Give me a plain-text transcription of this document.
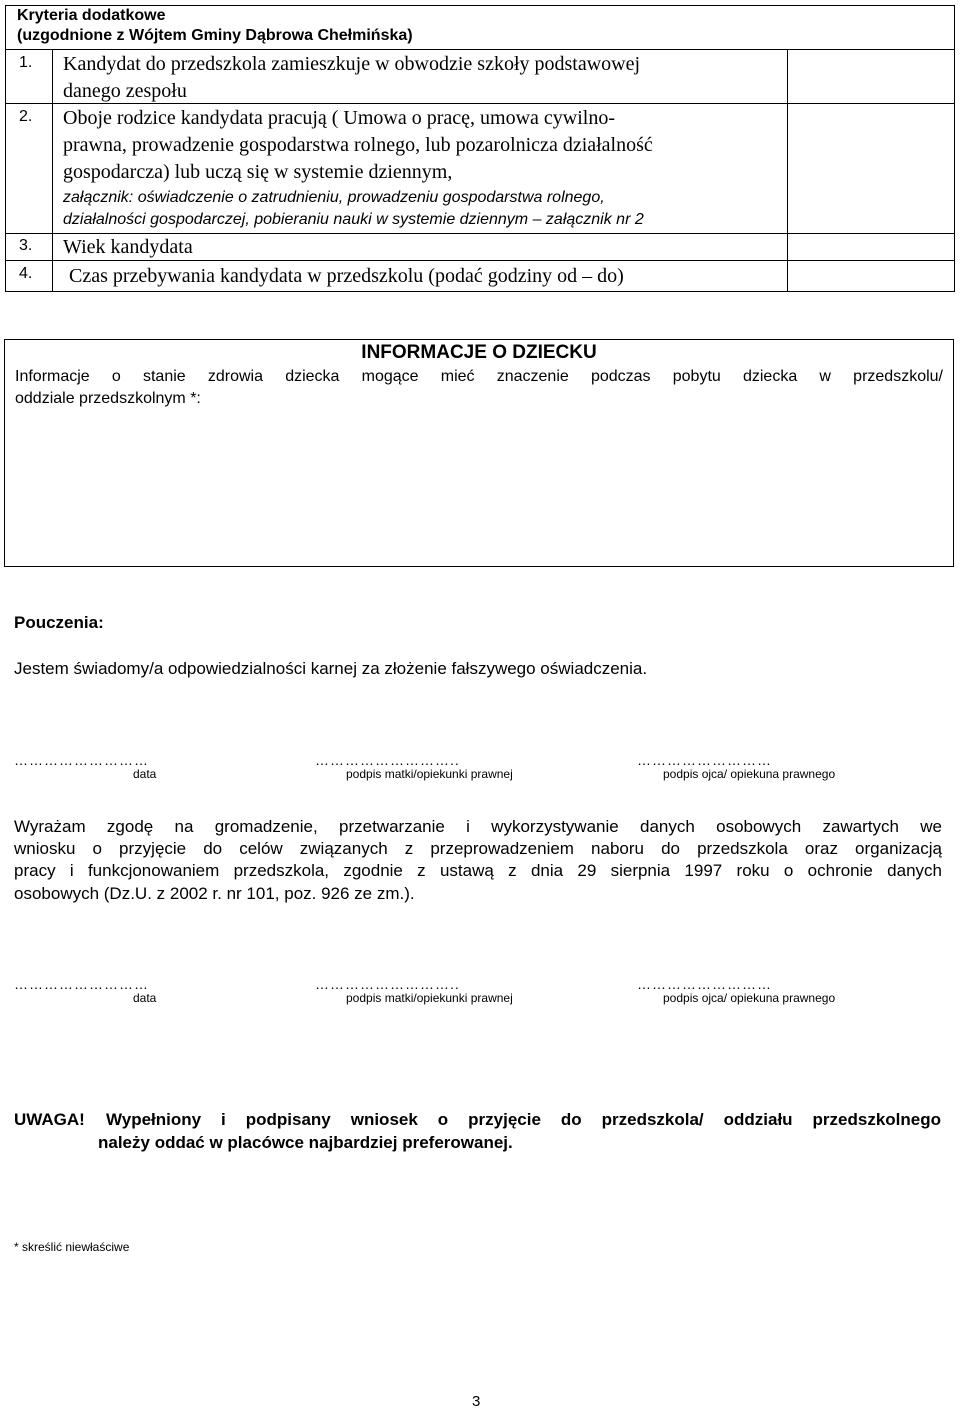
Kryteria dodatkowe
(uzgodnione z Wójtem Gminy Dąbrowa Chełmińska)
1. Kandydat do przedszkola zamieszkuje w obwodzie szkoły podstawowej
danego zespołu
2. Oboje rodzice kandydata pracują ( Umowa o pracę, umowa cywilno-
prawna, prowadzenie gospodarstwa rolnego, lub pozarolnicza działalność
gospodarcza) lub uczą się w systemie dziennym,
załącznik: oświadczenie o zatrudnieniu, prowadzeniu gospodarstwa rolnego,
działalności gospodarczej, pobieraniu nauki w systemie dziennym – załącznik nr 2
3. Wiek kandydata
4. Czas przebywania kandydata w przedszkolu (podać godziny od – do)
INFORMACJE O DZIECKU
Informacje o stanie zdrowia dziecka mogące mieć znaczenie podczas pobytu dziecka w przedszkolu/
oddziale przedszkolnym *:
Pouczenia:
Jestem świadomy/a odpowiedzialności karnej za złożenie fałszywego oświadczenia.
………………………	………………………..	………………………
data	podpis matki/opiekunki prawnej	podpis ojca/ opiekuna prawnego
Wyrażam zgodę na gromadzenie, przetwarzanie i wykorzystywanie danych osobowych zawartych we
wniosku o przyjęcie do celów związanych z przeprowadzeniem naboru do przedszkola oraz organizacją
pracy i funkcjonowaniem przedszkola, zgodnie z ustawą z dnia 29 sierpnia 1997 roku o ochronie danych
osobowych (Dz.U. z 2002 r. nr 101, poz. 926 ze zm.).
………………………	………………………..	………………………
data	podpis matki/opiekunki prawnej	podpis ojca/ opiekuna prawnego
UWAGA! Wypełniony i podpisany wniosek o przyjęcie do przedszkola/ oddziału przedszkolnego
należy oddać w placówce najbardziej preferowanej.
* skreślić niewłaściwe
3
